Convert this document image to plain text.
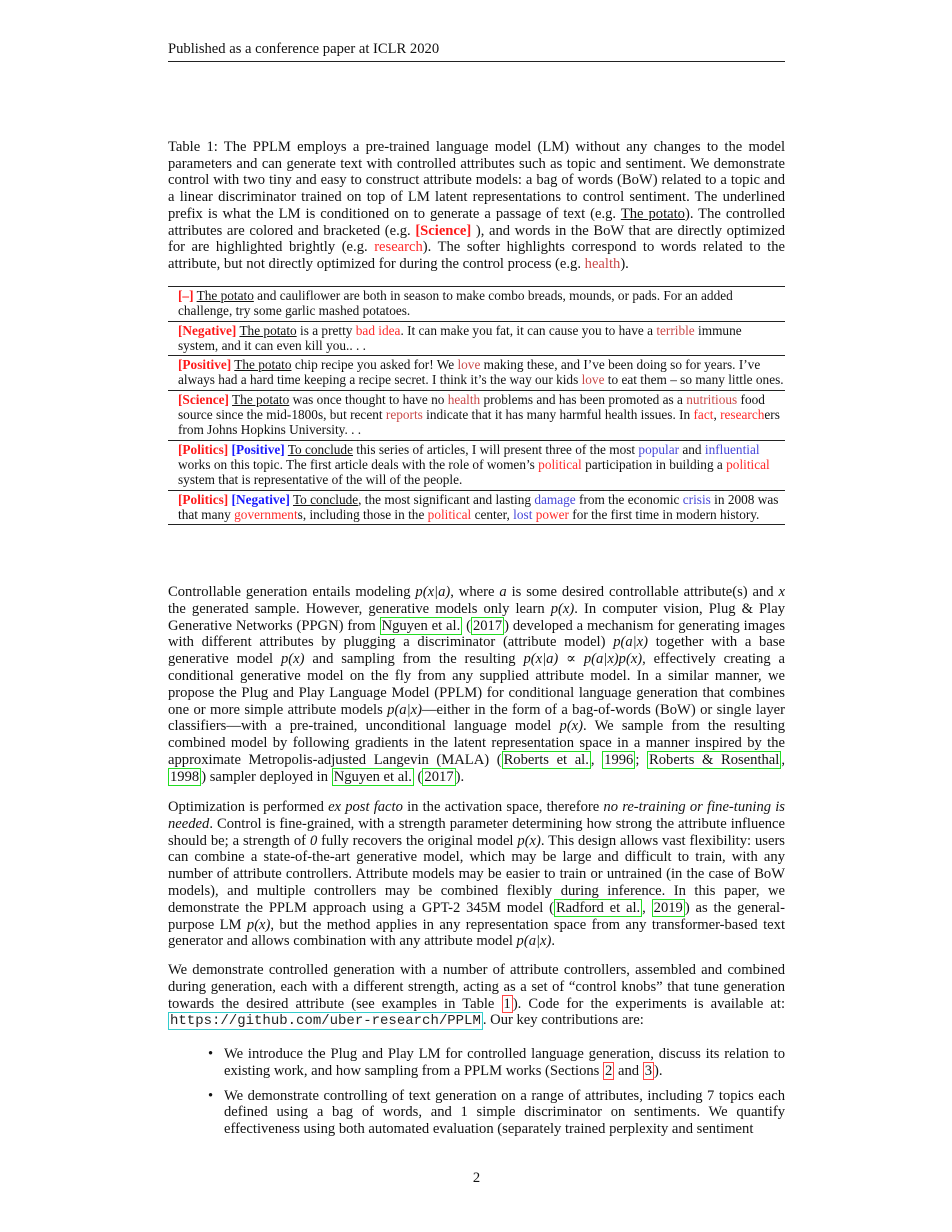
Published as a conference paper at ICLR 2020
Table 1: The PPLM employs a pre-trained language model (LM) without any changes to the model parameters and can generate text with controlled attributes such as topic and sentiment. We demonstrate control with two tiny and easy to construct attribute models: a bag of words (BoW) related to a topic and a linear discriminator trained on top of LM latent representations to control sentiment. The underlined prefix is what the LM is conditioned on to generate a passage of text (e.g. The potato). The controlled attributes are colored and bracketed (e.g. [Science] ), and words in the BoW that are directly optimized for are highlighted brightly (e.g. research). The softer highlights correspond to words related to the attribute, but not directly optimized for during the control process (e.g. health).
[–] The potato and cauliflower are both in season to make combo breads, mounds, or pads. For an added challenge, try some garlic mashed potatoes.
[Negative] The potato is a pretty bad idea. It can make you fat, it can cause you to have a terrible immune system, and it can even kill you.. . .
[Positive] The potato chip recipe you asked for! We love making these, and I’ve been doing so for years. I’ve always had a hard time keeping a recipe secret. I think it’s the way our kids love to eat them – so many little ones.
[Science] The potato was once thought to have no health problems and has been promoted as a nutritious food source since the mid-1800s, but recent reports indicate that it has many harmful health issues. In fact, researchers from Johns Hopkins University. . .
[Politics] [Positive] To conclude this series of articles, I will present three of the most popular and influential works on this topic. The first article deals with the role of women’s political participation in building a political system that is representative of the will of the people.
[Politics] [Negative] To conclude, the most significant and lasting damage from the economic crisis in 2008 was that many governments, including those in the political center, lost power for the first time in modern history.
Controllable generation entails modeling p(x|a), where a is some desired controllable attribute(s) and x the generated sample. However, generative models only learn p(x). In computer vision, Plug & Play Generative Networks (PPGN) from Nguyen et al. ( 2017 ) developed a mechanism for generating images with different attributes by plugging a discriminator (attribute model) p(a|x) together with a base generative model p(x) and sampling from the resulting p(x|a) ∝ p(a|x)p(x), effectively creating a conditional generative model on the fly from any supplied attribute model. In a similar manner, we propose the Plug and Play Language Model (PPLM) for conditional language generation that combines one or more simple attribute models p(a|x)—either in the form of a bag-of-words (BoW) or single layer classifiers—with a pre-trained, unconditional language model p(x). We sample from the resulting combined model by following gradients in the latent representation space in a manner inspired by the approximate Metropolis-adjusted Langevin (MALA) ( Roberts et al. , 1996 ; Roberts & Rosenthal , 1998 ) sampler deployed in Nguyen et al. ( 2017 ).
Optimization is performed ex post facto in the activation space, therefore no re-training or fine-tuning is needed. Control is fine-grained, with a strength parameter determining how strong the attribute influence should be; a strength of 0 fully recovers the original model p(x). This design allows vast flexibility: users can combine a state-of-the-art generative model, which may be large and difficult to train, with any number of attribute controllers. Attribute models may be easier to train or untrained (in the case of BoW models), and multiple controllers may be combined flexibly during inference. In this paper, we demonstrate the PPLM approach using a GPT-2 345M model ( Radford et al. , 2019 ) as the general-purpose LM p(x), but the method applies in any representation space from any transformer-based text generator and allows combination with any attribute model p(a|x).
We demonstrate controlled generation with a number of attribute controllers, assembled and combined during generation, each with a different strength, acting as a set of “control knobs” that tune generation towards the desired attribute (see examples in Table 1 ). Code for the experiments is available at: https://github.com/uber-research/PPLM . Our key contributions are:
• We introduce the Plug and Play LM for controlled language generation, discuss its relation to existing work, and how sampling from a PPLM works (Sections 2 and 3 ).
• We demonstrate controlling of text generation on a range of attributes, including 7 topics each defined using a bag of words, and 1 simple discriminator on sentiments. We quantify effectiveness using both automated evaluation (separately trained perplexity and sentiment
2
